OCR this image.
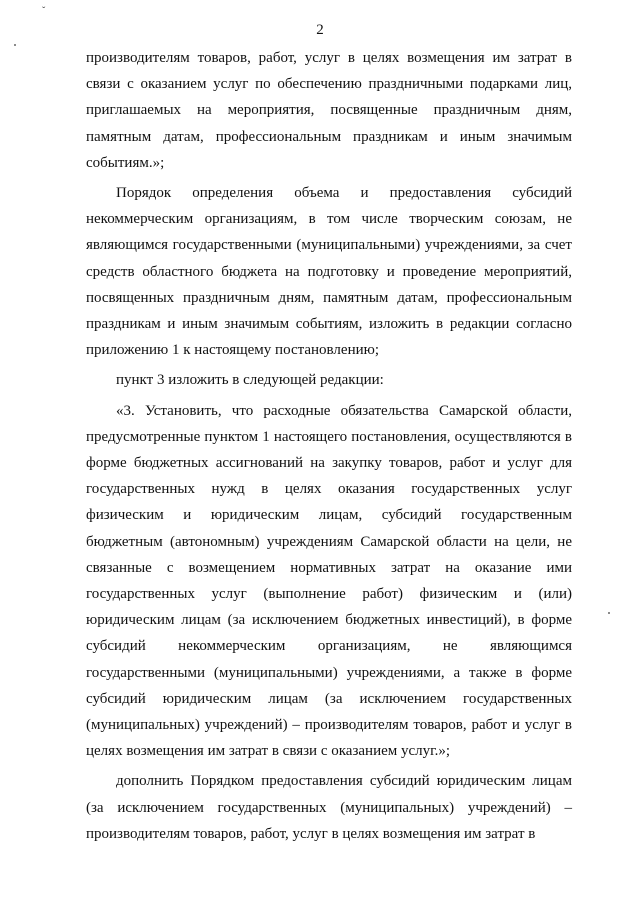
ˇ
2

производителям товаров, работ, услуг в целях возмещения им затрат в связи с оказанием услуг по обеспечению праздничными подарками лиц, приглашаемых на мероприятия, посвященные праздничным дням, памятным датам, профессиональным праздникам и иным значимым событиям.»;

Порядок определения объема и предоставления субсидий некоммерческим организациям, в том числе творческим союзам, не являющимся государственными (муниципальными) учреждениями, за счет средств областного бюджета на подготовку и проведение мероприятий, посвященных праздничным дням, памятным датам, профессиональным праздникам и иным значимым событиям, изложить в редакции согласно приложению 1 к настоящему постановлению;

пункт 3 изложить в следующей редакции:

«3. Установить, что расходные обязательства Самарской области, предусмотренные пунктом 1 настоящего постановления, осуществляются в форме бюджетных ассигнований на закупку товаров, работ и услуг для государственных нужд в целях оказания государственных услуг физическим и юридическим лицам, субсидий государственным бюджетным (автономным) учреждениям Самарской области на цели, не связанные с возмещением нормативных затрат на оказание ими государственных услуг (выполнение работ) физическим и (или) юридическим лицам (за исключением бюджетных инвестиций), в форме субсидий некоммерческим организациям, не являющимся государственными (муниципальными) учреждениями, а также в форме субсидий юридическим лицам (за исключением государственных (муниципальных) учреждений) – производителям товаров, работ и услуг в целях возмещения им затрат в связи с оказанием услуг.»;

дополнить Порядком предоставления субсидий юридическим лицам (за исключением государственных (муниципальных) учреждений) – производителям товаров, работ, услуг в целях возмещения им затрат в
